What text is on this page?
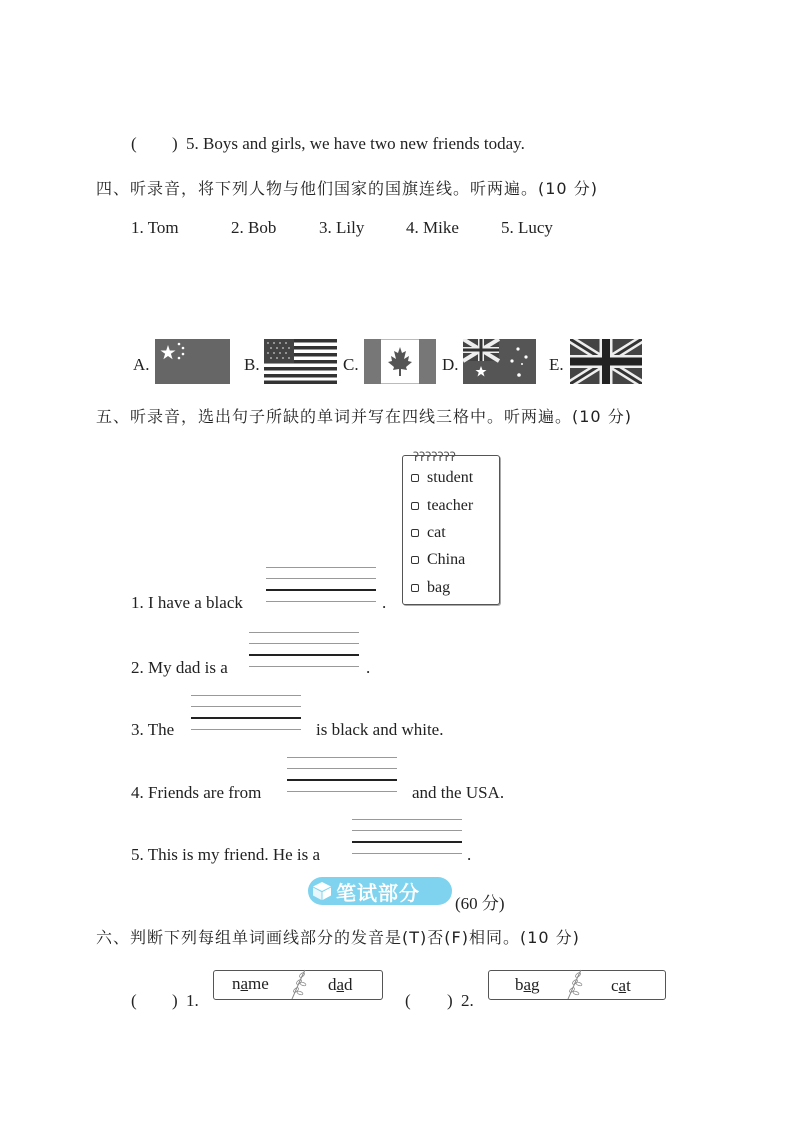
( ) 5. Boys and girls, we have two new friends today.
四、听录音，将下列人物与他们国家的国旗连线。听两遍。(10 分)
1. Tom	2. Bob	3. Lily 4. Mike 5. Lucy
A.	B.	C.	D.	E.
五、听录音，选出句子所缺的单词并写在四线三格中。听两遍。(10 分)
ʔʔʔʔʔʔʔ
student
teacher
cat
China
bag
1. I have a black	.
2. My dad is a	.
3. The	is black and white.
4. Friends are from	and the USA.
5. This is my friend. He is a	.
笔试部分 (60 分)
六、判断下列每组单词画线部分的发音是(T)否(F)相同。(10 分)
( ) 1.
name	dad
( ) 2.
bag	cat
